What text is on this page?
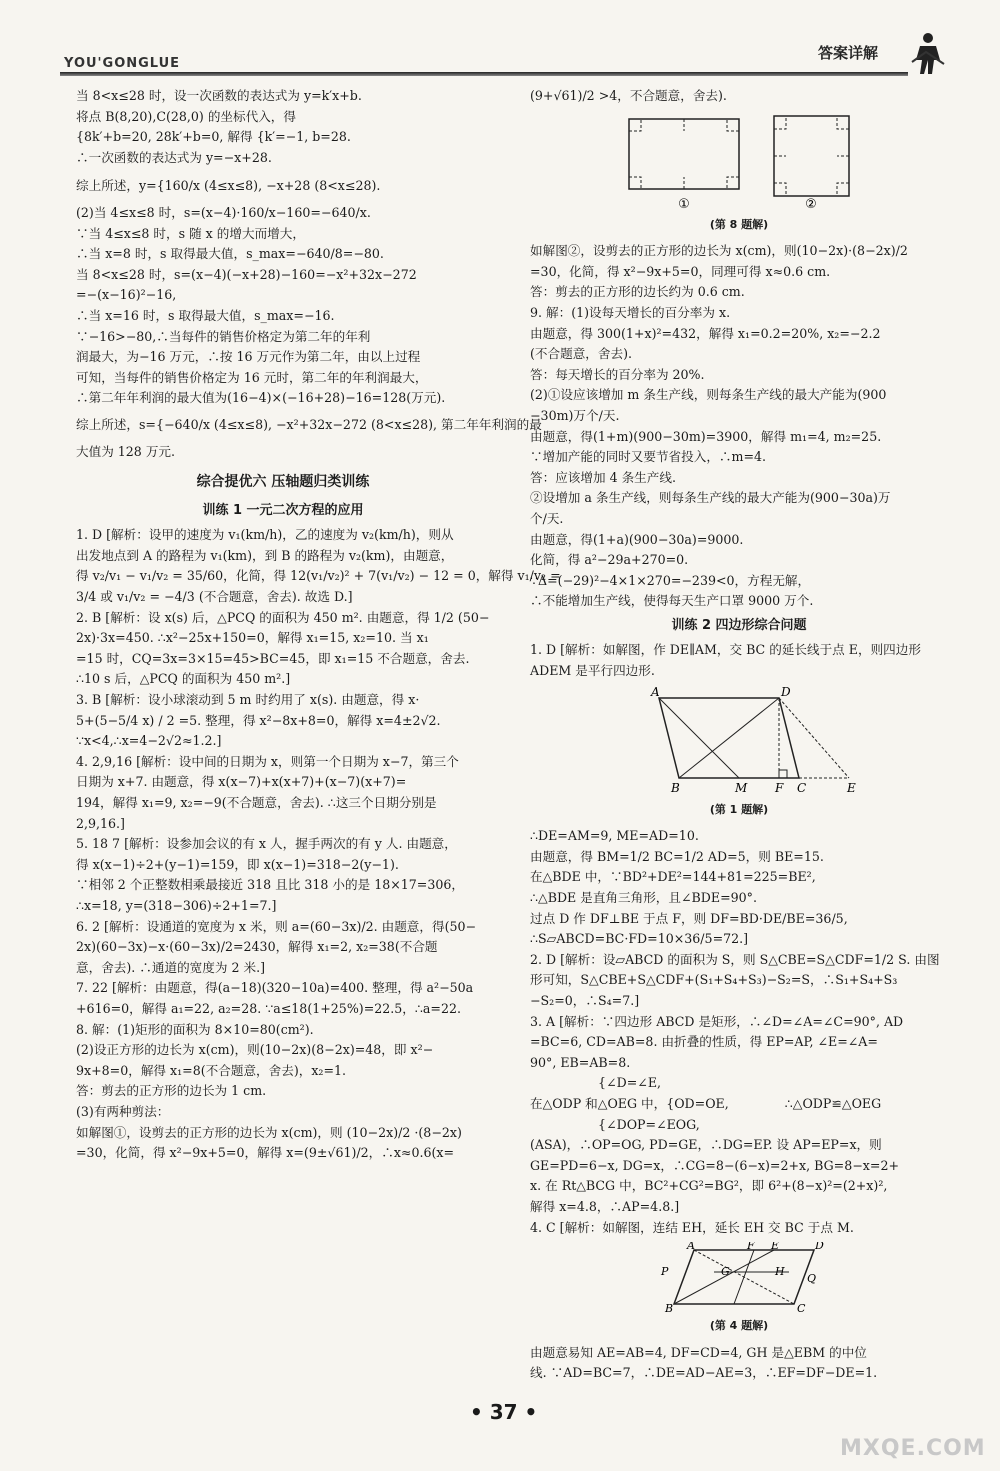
YOU'GONGLUE
答案详解

当 8<x≤28 时，设一次函数的表达式为 y=k′x+b.

将点 B(8,20),C(28,0) 的坐标代入，得

{8k′+b=20, 28k′+b=0, 解得 {k′=−1, b=28.

∴一次函数的表达式为 y=−x+28.

综上所述，y={160/x (4≤x≤8), −x+28 (8<x≤28).

(2)当 4≤x≤8 时，s=(x−4)·160/x−160=−640/x.

∵当 4≤x≤8 时，s 随 x 的增大而增大，

∴当 x=8 时，s 取得最大值，s_max=−640/8=−80.

当 8<x≤28 时，s=(x−4)(−x+28)−160=−x²+32x−272

=−(x−16)²−16,

∴当 x=16 时，s 取得最大值，s_max=−16.

∵−16>−80,∴当每件的销售价格定为第二年的年利

润最大，为−16 万元，∴按 16 万元作为第二年，由以上过程

可知，当每件的销售价格定为 16 元时，第二年的年利润最大，

∴第二年年利润的最大值为(16−4)×(−16+28)−16=128(万元).

综上所述，s={−640/x (4≤x≤8), −x²+32x−272 (8<x≤28), 第二年年利润的最

大值为 128 万元.

综合提优六 压轴题归类训练
训练 1 一元二次方程的应用

1. D [解析：设甲的速度为 v₁(km/h)，乙的速度为 v₂(km/h)，则从

出发地点到 A 的路程为 v₁(km)，到 B 的路程为 v₂(km)，由题意，

得 v₂/v₁ − v₁/v₂ = 35/60，化简，得 12(v₁/v₂)² + 7(v₁/v₂) − 12 = 0，解得 v₁/v₂ =

3/4 或 v₁/v₂ = −4/3 (不合题意，舍去). 故选 D.]

2. B [解析：设 x(s) 后，△PCQ 的面积为 450 m². 由题意，得 1/2 (50−

2x)·3x=450. ∴x²−25x+150=0，解得 x₁=15, x₂=10. 当 x₁

=15 时，CQ=3x=3×15=45>BC=45，即 x₁=15 不合题意，舍去.

∴10 s 后，△PCQ 的面积为 450 m².]

3. B [解析：设小球滚动到 5 m 时约用了 x(s). 由题意，得 x·

5+(5−5/4 x) / 2 =5. 整理，得 x²−8x+8=0，解得 x=4±2√2.

∵x<4,∴x=4−2√2≈1.2.]

4. 2,9,16 [解析：设中间的日期为 x，则第一个日期为 x−7，第三个

日期为 x+7. 由题意，得 x(x−7)+x(x+7)+(x−7)(x+7)=

194，解得 x₁=9, x₂=−9(不合题意，舍去). ∴这三个日期分别是

2,9,16.]

5. 18 7 [解析：设参加会议的有 x 人，握手两次的有 y 人. 由题意，

得 x(x−1)÷2+(y−1)=159，即 x(x−1)=318−2(y−1).

∵相邻 2 个正整数相乘最接近 318 且比 318 小的是 18×17=306，

∴x=18, y=(318−306)÷2+1=7.]

6. 2 [解析：设通道的宽度为 x 米，则 a=(60−3x)/2. 由题意，得(50−

2x)(60−3x)−x·(60−3x)/2=2430，解得 x₁=2, x₂=38(不合题

意，舍去). ∴通道的宽度为 2 米.]

7. 22 [解析：由题意，得(a−18)(320−10a)=400. 整理，得 a²−50a

+616=0，解得 a₁=22, a₂=28. ∵a≤18(1+25%)=22.5，∴a=22.

8. 解：(1)矩形的面积为 8×10=80(cm²).

(2)设正方形的边长为 x(cm)，则(10−2x)(8−2x)=48，即 x²−

9x+8=0，解得 x₁=8(不合题意，舍去)，x₂=1.

答：剪去的正方形的边长为 1 cm.

(3)有两种剪法：

如解图①，设剪去的正方形的边长为 x(cm)，则 (10−2x)/2 ·(8−2x)

=30，化简，得 x²−9x+5=0，解得 x=(9±√61)/2，∴x≈0.6(x=

(9+√61)/2 >4，不合题意，舍去).

①	②
(第 8 题解)

如解图②，设剪去的正方形的边长为 x(cm)，则(10−2x)·(8−2x)/2

=30，化简，得 x²−9x+5=0，同理可得 x≈0.6 cm.

答：剪去的正方形的边长约为 0.6 cm.

9. 解：(1)设每天增长的百分率为 x.

由题意，得 300(1+x)²=432，解得 x₁=0.2=20%, x₂=−2.2

(不合题意，舍去).

答：每天增长的百分率为 20%.

(2)①设应该增加 m 条生产线，则每条生产线的最大产能为(900

−30m)万个/天.

由题意，得(1+m)(900−30m)=3900，解得 m₁=4, m₂=25.

∵增加产能的同时又要节省投入，∴m=4.

答：应该增加 4 条生产线.

②设增加 a 条生产线，则每条生产线的最大产能为(900−30a)万

个/天.

由题意，得(1+a)(900−30a)=9000.

化简，得 a²−29a+270=0.

∵Δ=(−29)²−4×1×270=−239<0，方程无解，

∴不能增加生产线，使得每天生产口罩 9000 万个.

训练 2 四边形综合问题

1. D [解析：如解图，作 DE∥AM，交 BC 的延长线于点 E，则四边形

ADEM 是平行四边形.

A	D
B	M F C	E
(第 1 题解)

∴DE=AM=9, ME=AD=10.

由题意，得 BM=1/2 BC=1/2 AD=5，则 BE=15.

在△BDE 中，∵BD²+DE²=144+81=225=BE²,

∴△BDE 是直角三角形，且∠BDE=90°.

过点 D 作 DF⊥BE 于点 F，则 DF=BD·DE/BE=36/5,

∴S▱ABCD=BC·FD=10×36/5=72.]

2. D [解析：设▱ABCD 的面积为 S，则 S△CBE=S△CDF=1/2 S. 由图

形可知，S△CBE+S△CDF+(S₁+S₄+S₃)−S₂=S，∴S₁+S₄+S₃

−S₂=0，∴S₄=7.]

3. A [解析：∵四边形 ABCD 是矩形，∴∠D=∠A=∠C=90°, AD

=BC=6, CD=AB=8. 由折叠的性质，得 EP=AP, ∠E=∠A=

90°, EB=AB=8.

{∠D=∠E,

在△ODP 和△OEG 中，{OD=OE,              ∴△ODP≌△OEG

{∠DOP=∠EOG,

(ASA)，∴OP=OG, PD=GE，∴DG=EP. 设 AP=EP=x，则

GE=PD=6−x, DG=x，∴CG=8−(6−x)=2+x, BG=8−x=2+

x. 在 Rt△BCG 中，BC²+CG²=BG²，即 6²+(8−x)²=(2+x)²,

解得 x=4.8，∴AP=4.8.]

4. C [解析：如解图，连结 EH，延长 EH 交 BC 于点 M.

A	F E	D
P	G	H
Q
B	C
(第 4 题解)

由题意易知 AE=AB=4, DF=CD=4, GH 是△EBM 的中位

线. ∵AD=BC=7，∴DE=AD−AE=3，∴EF=DF−DE=1.

• 37 •
MXQE.COM
